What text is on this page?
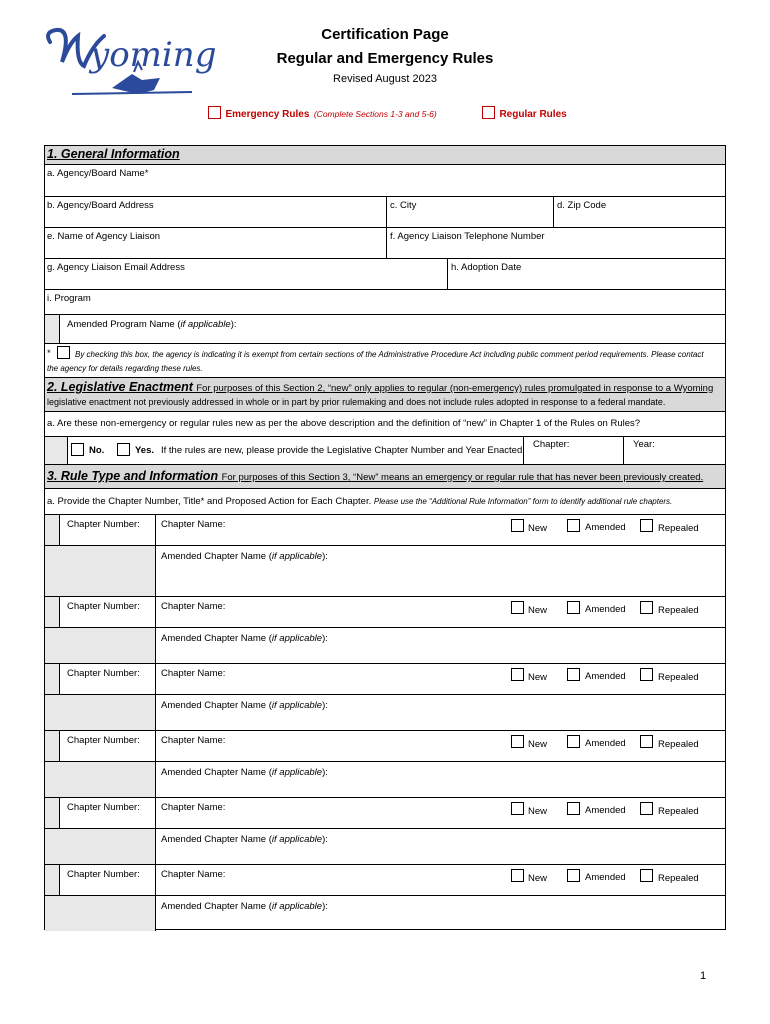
yoming
Certification Page
Regular and Emergency Rules
Revised August 2023
Emergency Rules (Complete Sections 1-3 and 5-6)	Regular Rules
1. General Information
a. Agency/Board Name*
b. Agency/Board Address	c. City	d. Zip Code
e. Name of Agency Liaison	f. Agency Liaison Telephone Number
g. Agency Liaison Email Address	h. Adoption Date
i. Program
Amended Program Name (if applicable):
*	By checking this box, the agency is indicating it is exempt from certain sections of the Administrative Procedure Act including public comment period requirements. Please contact
the agency for details regarding these rules.
2. Legislative Enactment For purposes of this Section 2, “new” only applies to regular (non-emergency) rules promulgated in response to a Wyoming
legislative enactment not previously addressed in whole or in part by prior rulemaking and does not include rules adopted in response to a federal mandate.
a. Are these non-emergency or regular rules new as per the above description and the definition of “new” in Chapter 1 of the Rules on Rules?
No.	Yes. If the rules are new, please provide the Legislative Chapter Number and Year Enacted:
Chapter:	Year:
3. Rule Type and Information For purposes of this Section 3, “New” means an emergency or regular rule that has never been previously created.
a. Provide the Chapter Number, Title* and Proposed Action for Each Chapter. Please use the “Additional Rule Information” form to identify additional rule chapters.
Chapter Number: Chapter Name:	New	Amended	Repealed
Amended Chapter Name (if applicable):
Chapter Number: Chapter Name:	New	Amended	Repealed
Amended Chapter Name (if applicable):
Chapter Number: Chapter Name:	New	Amended	Repealed
Amended Chapter Name (if applicable):
Chapter Number: Chapter Name:	New	Amended	Repealed
Amended Chapter Name (if applicable):
Chapter Number: Chapter Name:	New	Amended	Repealed
Amended Chapter Name (if applicable):
Chapter Number: Chapter Name:	New	Amended	Repealed
Amended Chapter Name (if applicable):
1
